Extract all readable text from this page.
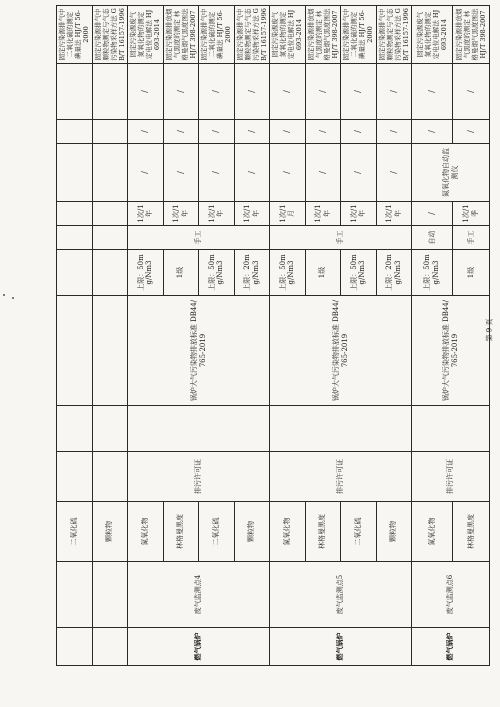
		二氧化硫										固定污染源排气中二氧化硫的测定 碘量法 HJ/T 56-2000
		颗粒物										固定污染源排气中颗粒物测定与气态污染物采样方法 GB/T 16157-1996
燃气锅炉	废气监测点4	氮氧化物	排污许可证		锅炉大气污染物排放标准 DB44/765-2019	上限：50mg/Nm3	手工	1次/1年	/	/	/	固定污染源废气 氮氧化物的测定 定电位电解法 HJ 693-2014
		林格曼黑度				1级		1次/1年	/	/	/	固定污染源排放烟气黑度的测定 林格曼烟气黑度图法 HJ/T 398-2007
		二氧化硫				上限：50mg/Nm3		1次/1年	/	/	/	固定污染源排气中二氧化硫的测定 碘量法 HJ/T 56-2000
		颗粒物				上限：20mg/Nm3		1次/1年	/	/	/	固定污染源排气中颗粒物测定与气态污染物采样方法 GB/T 16157-1996
燃气锅炉	废气监测点5	氮氧化物	排污许可证		锅炉大气污染物排放标准 DB44/765-2019	上限：50mg/Nm3	手工	1次/1月	/	/	/	固定污染源废气 氮氧化物的测定 定电位电解法 HJ 693-2014
		林格曼黑度				1级		1次/1年	/	/	/	固定污染源排放烟气黑度的测定 林格曼烟气黑度图法 HJ/T 398-2007
		二氧化硫				上限：50mg/Nm3		1次/1年	/	/	/	固定污染源排气中二氧化硫的测定 碘量法 HJ/T 56-2000
		颗粒物				上限：20mg/Nm3		1次/1年	/	/	/	固定污染源排气中颗粒物测定与气态污染物采样方法 GB/T 16157-1996
燃气锅炉	废气监测点6	氮氧化物	排污许可证		锅炉大气污染物排放标准 DB44/765-2019	上限：50mg/Nm3	自动	/	氮氧化物自动监测仪	/	/	固定污染源废气 氮氧化物的测定 定电位电解法 HJ 693-2014
		林格曼黑度				1级	手工	1次/1季		/	/	固定污染源排放烟气黑度的测定 林格曼烟气黑度图法 HJ/T 398-2007
第 9 页
